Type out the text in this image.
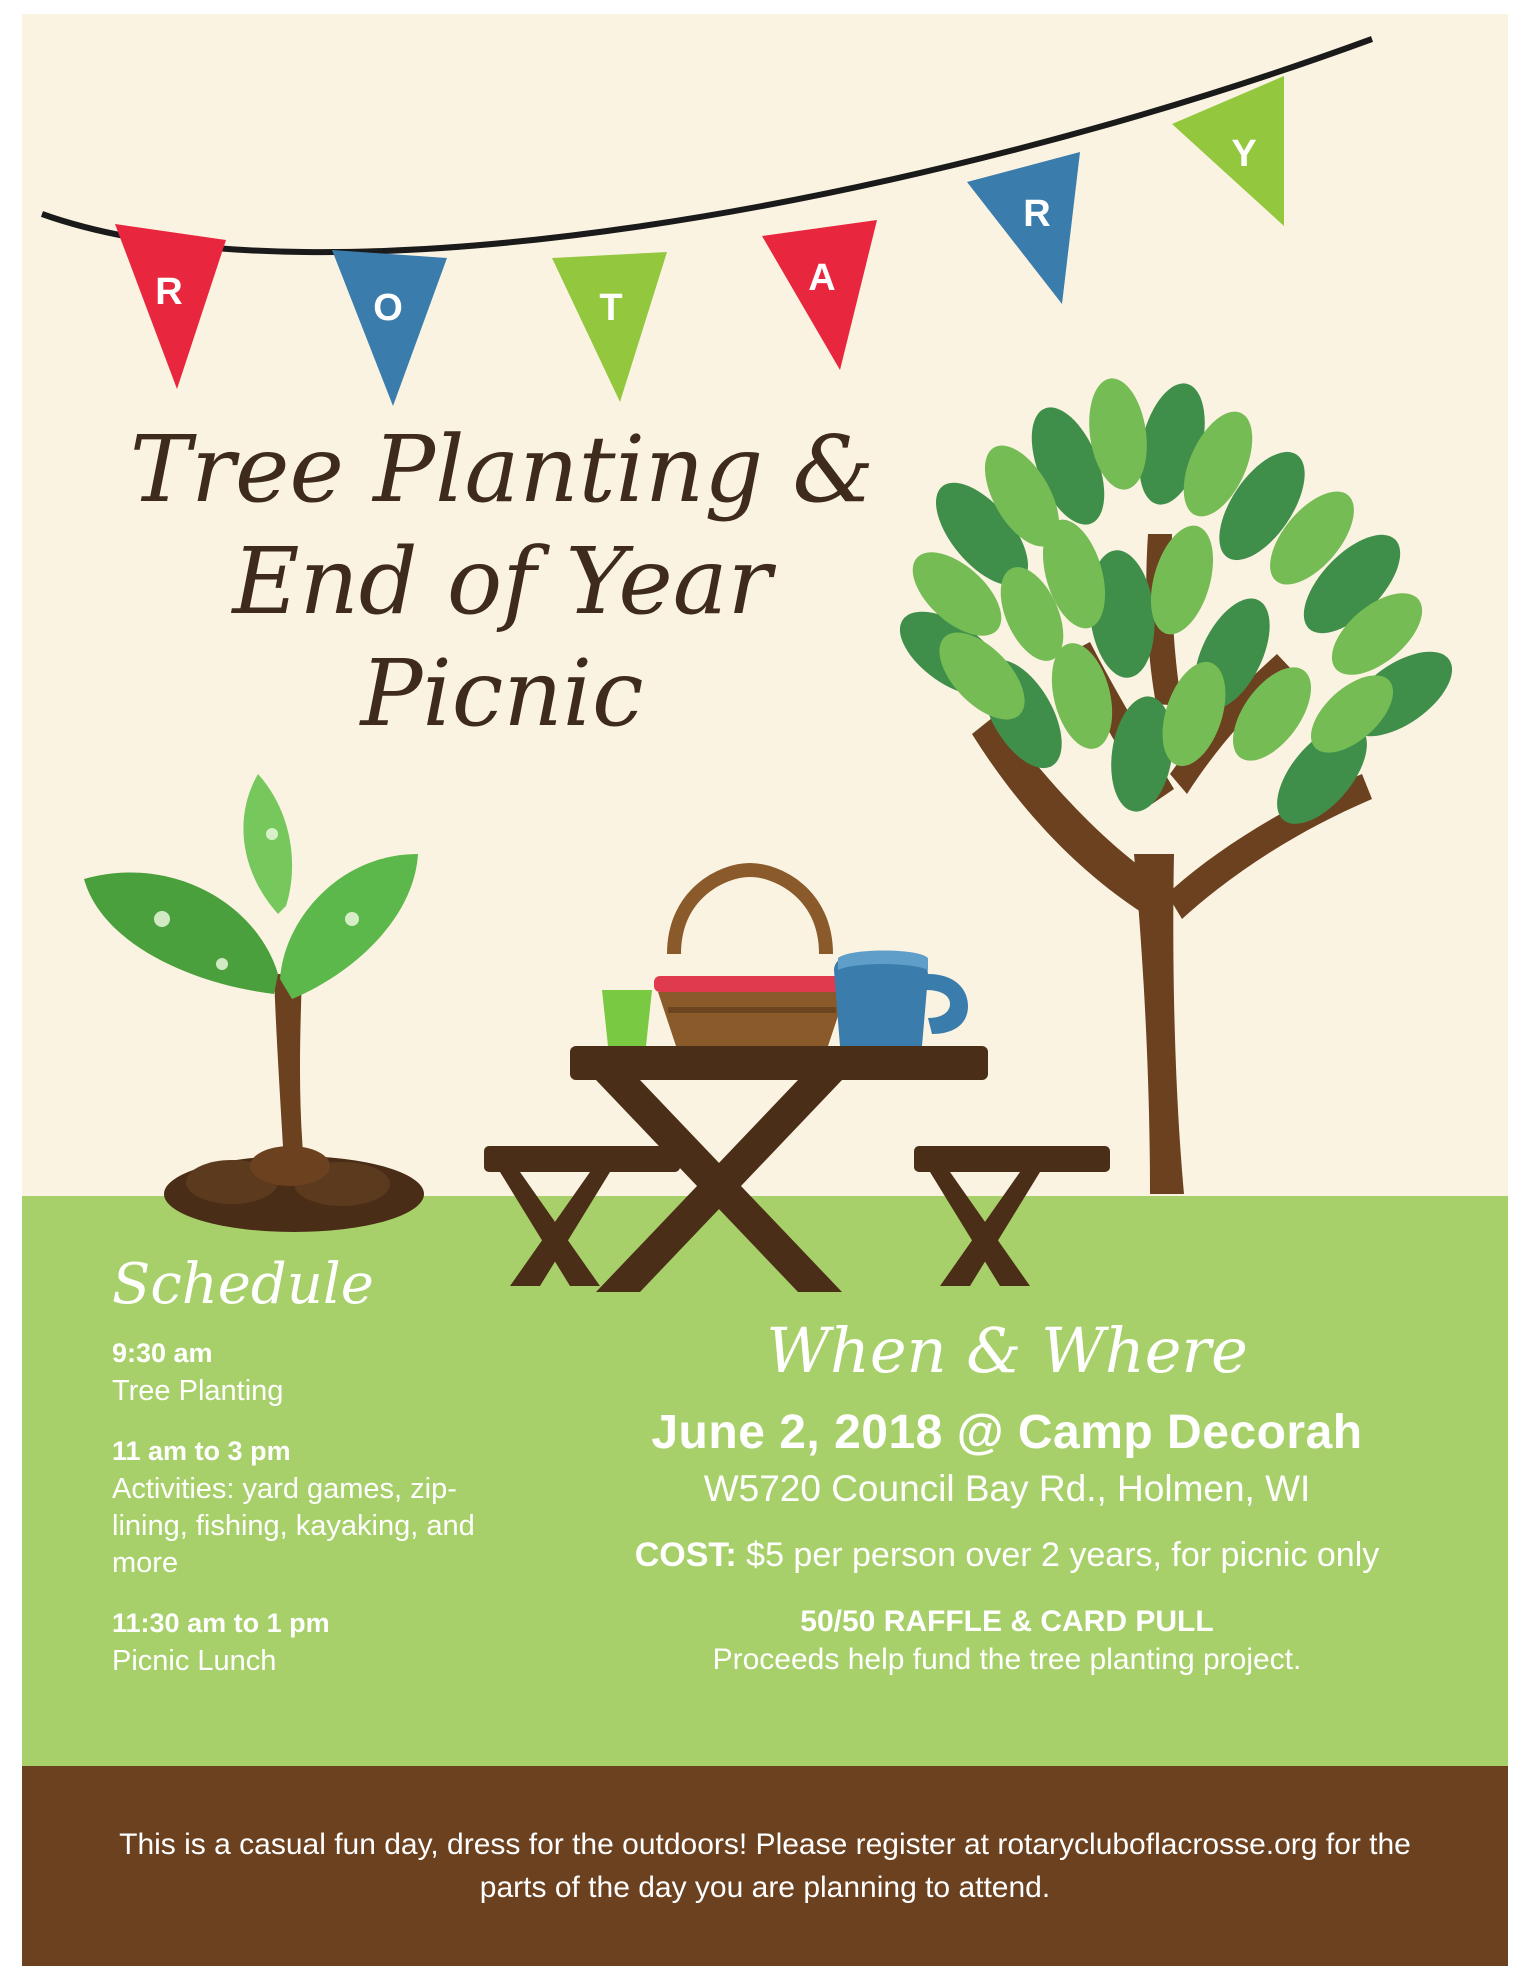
R	O	T
A
R
Y
Tree Planting &
End of Year
Picnic
Schedule
9:30 am
Tree Planting
11 am to 3 pm
Activities: yard games, zip-lining, fishing, kayaking, and more
11:30 am to 1 pm
Picnic Lunch
When & Where
June 2, 2018 @ Camp Decorah
W5720 Council Bay Rd., Holmen, WI
COST: $5 per person over 2 years, for picnic only
50/50 RAFFLE & CARD PULL
Proceeds help fund the tree planting project.

This is a casual fun day, dress for the outdoors! Please register at rotarycluboflacrosse.org for the parts of the day you are planning to attend.
